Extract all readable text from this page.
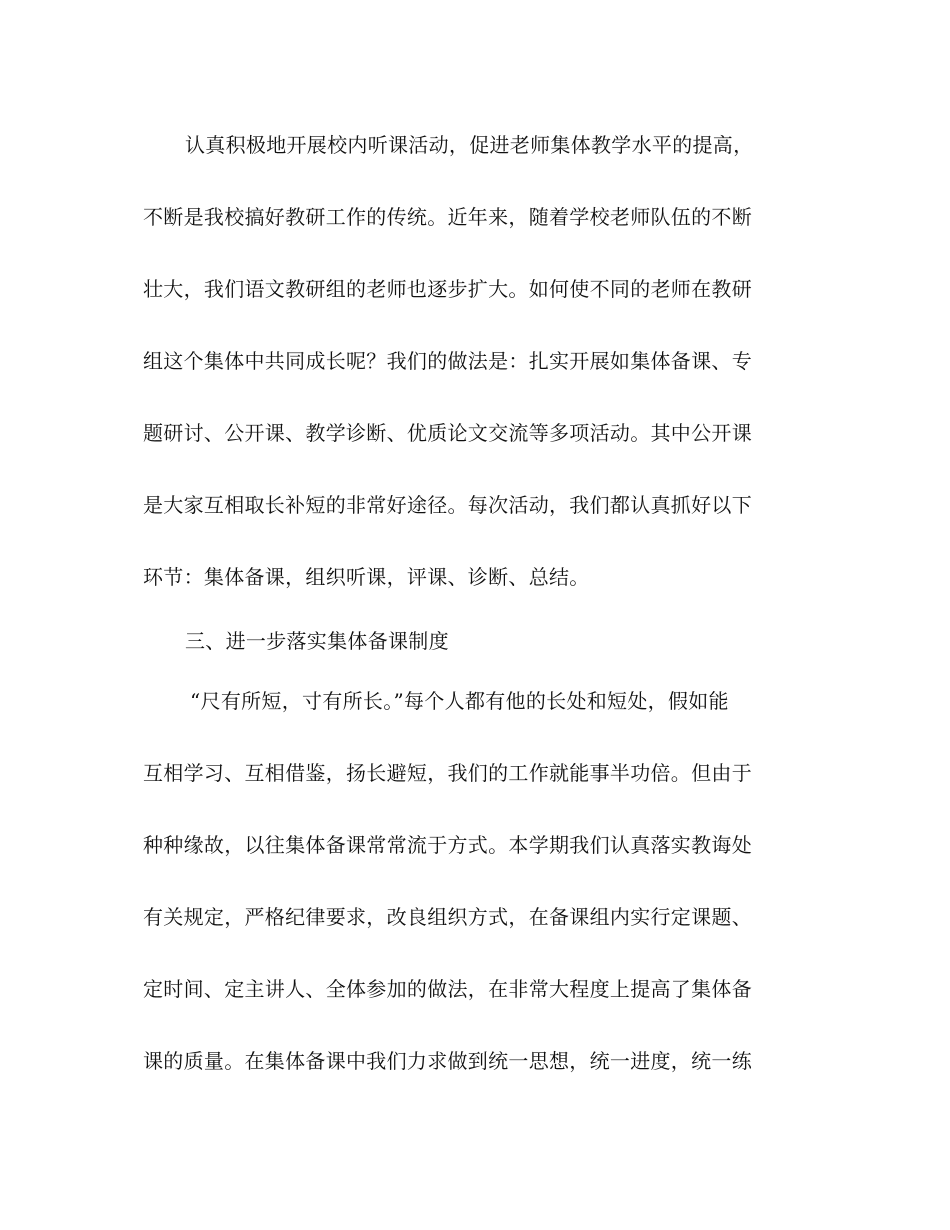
认真积极地开展校内听课活动，促进老师集体教学水平的提高，
不断是我校搞好教研工作的传统。近年来，随着学校老师队伍的不断
壮大，我们语文教研组的老师也逐步扩大。如何使不同的老师在教研
组这个集体中共同成长呢？我们的做法是：扎实开展如集体备课、专
题研讨、公开课、教学诊断、优质论文交流等多项活动。其中公开课
是大家互相取长补短的非常好途径。每次活动，我们都认真抓好以下
环节：集体备课，组织听课，评课、诊断、总结。
三、进一步落实集体备课制度
“尺有所短，寸有所长。”每个人都有他的长处和短处，假如能
互相学习、互相借鉴，扬长避短，我们的工作就能事半功倍。但由于
种种缘故，以往集体备课常常流于方式。本学期我们认真落实教诲处
有关规定，严格纪律要求，改良组织方式，在备课组内实行定课题、
定时间、定主讲人、全体参加的做法，在非常大程度上提高了集体备
课的质量。在集体备课中我们力求做到统一思想，统一进度，统一练
